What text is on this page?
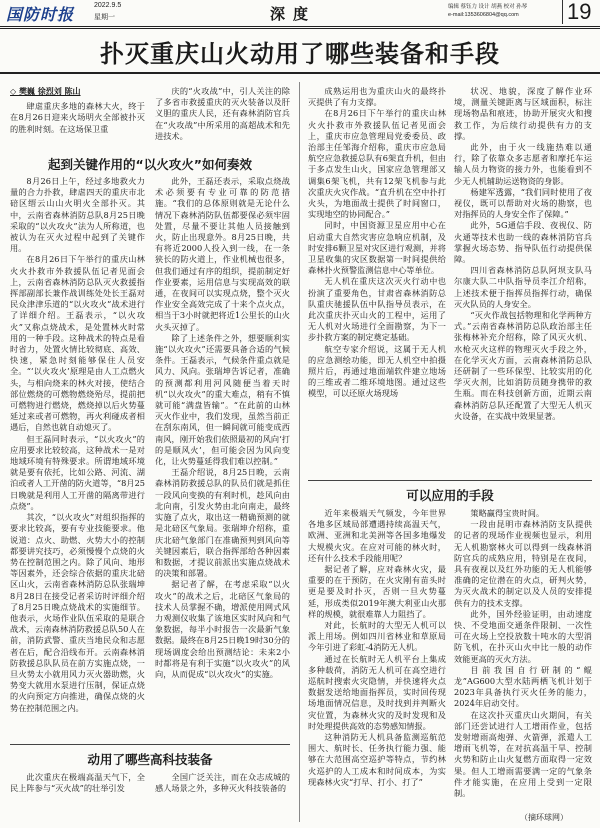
国防时报	2022.9.5
星期一	深度	编辑 蔡钰力 设计 胡燕 校对 孙琴
e-mail:1353606804@qq.com 19
扑灭重庆山火动用了哪些装备和手段

◇ 樊巍 徐烈刘 陈山

肆虐重庆多地的森林大火，终于在8月26日迎来火场明火全部被扑灭的胜利时刻。在这场保卫重

庆的“火攻战”中，引人关注的除了多省市救援重庆的灭火装备以及肝义胆的重庆人民，还有森林消防官兵在“火攻战”中所采用的高超战术和先进技术。

起到关键作用的“以火攻火”如何奏效

8月26日上午，经过多地救火力量的合力扑救，肆虐四天的重庆市北碚区缙云山山火明火全部扑灭。其中，云南省森林消防总队8月25日晚采取的“以火攻火”法为人所称道，也被认为在灭火过程中起到了关键作用。

在8月26日下午举行的重庆山林火火扑救市外救援队伍记者见面会上，云南省森林消防总队灭火救援指挥部副部长兼作战训练处处长王磊对民众津津乐道的“以火攻火”战术进行了详细介绍。王磊表示，“以火攻火”又称点烧战术，是处置林火时常用的一种手段。这种战术的特点是看时省力，处置火情比较彻底、高效、快速，紧急时刻能够保住人员安全。“‘以火攻火’原理是由人工点燃火头，与相向烧来的林火对接，使结合部位燃烧的可燃物燃烧殆尽，提前把可燃物进行燃烧，燃烧掉以后火势蔓延过来或者可燃物，再火利碰成者相遇后，自然也就自动熄灭了。

但王磊同时表示，“以火攻火”的应用要求比较较高，这种战术一是对地域环境有特殊要求。所谓地域环境就是要有依托，比如公路、河流、湖泊或者人工开凿的防火道等，“8月25日晚就是利用人工开凿的隔离带进行点烧”。

其次，“以火攻火”对组织指挥的要求比较高，要有专业技能要求。他说道：点火、助燃、火势大小的控制都要讲究技巧，必须慢慢个点烧的火势在控制范围之内。除了风向、地形等因素外，还会综合依据的重庆北碚区山火，云南省森林消防总队张瑞坤8月28日在接受记者采访时评细介绍了8月25日晚点烧战术的实施细节。他表示，火场作业队伍采取的是联合战术，云南森林消防救援总队50人在前，消防武警、重庆当地民众和志愿者在后，配合沿线布开。云南森林消防救援总队队员在前方实施点烧，一旦火势太小就用风力灭火器助燃，火势变大就用水泵进行压制，保证点烧的火向预定方向推进，确保点烧的火势在控制范围之内。

此外，王磊还表示，采取点烧战术必须要有专业可靠的防范措施。“我们的总体原则就是无论什么情况下森林消防队伍都要保必须牢固处置，尽量不要让其他人员接触到火，防止出现意外。8月25日晚，共有将近2000人投入到一线，在一条狭长的防火道上，作业机械也很多，但我们通过有序的组织，提前制定好作业要素，运用信息与实现高效的联通，在夜间可以实现点烧，整个灭火作业安全高效完成了十来个点火点，相当于3小时就把将近1公里长的山火火头灭掉了。

除了上述条件之外，想要顺利实施“以火攻火”还需要具备合适的气候条件。王磊表示，气候条件重点就是风力、风向。张瑞坤告诉记者，准确的预测都利用河风随便当着天时机“以火攻火”的重大难点，稍有不慎就可能“满盘皆输”。“在此前的山林灭火作业中，我们发现，虽然当前正在刮东南风，但一瞬间就可能变成西南风，刚开始我们依照最初的风向‘打的是顺风火’，但可能会因为风向变化，让火势蔓延得我们难以控制。”

王磊介绍说，8月25日晚，云南森林消防救援总队的队员们就是抓住一段风向变换的有利时机，趁风向由北向南，引发火势由北向南走，最终实施了点火，取出这一精确预测的就是北碚区气象局。张瑞坤介绍称，重庆北碚气象部门在准确预判到风向等关键因素后，联合指挥部给各种因素和数据，才提议前派出实施点烧战术的决策和部署。

据记者了解，在考虑采取“以火攻火”的战术之后，北碚区气象局的技术人员掌握不确，增派使用网式风力观测仪收集了该地区实时风向和气象数据，每半小时报告一次最新气象数据。最终在8月25日晚19时30分的现场调度会给出预测结论：未来2小时都将是有利于实施“以火攻火”的风向，从而促成“以火攻火”的实施。

动用了哪些高科技装备

此次重庆在极端高温天气下，全民上阵参与“灭火战”的壮举引发

全国广泛关注，而在众志成城的感人场景之外，多种灭火科技装备的

成熟运用也为重庆山火的最终扑灭提供了有力支撑。

在8月26日下午举行的重庆山林火火扑救市外救援队伍记者见面会上，重庆市应急管理局党委委员、政治部主任邹海介绍称，重庆市应急局航空应急救援总队有6架直升机，但由于多点发生山火，国家应急管理部又调集6架飞机，共有12架飞机参与此次重庆火灾作战。“直升机在空中扑打火头，为地面战士提供了时间窗口，实现地空的协同配合。”

同时，中国资源卫星应用中心在启动重大自然灾害应急响应机制，及时安排6颗卫星对灾区进行观测，并将卫星收集的灾区数据第一时间提供给森林扑火预警监测信息中心等单位。

无人机在重庆这次灭火行动中也扮演了重要角色，甘肃省森林消防总队重庆驰援队伍中队指导员表示，在此次重庆扑灭山火的工程中，运用了无人机对火场进行全面勘察，为下一步扑救方案的制定奠定基础。

航空专家介绍说，这属于无人机的应急测绘功能，即无人机空中拍摄照片后，再通过地面端软件建立地场的三维或者二维环境地图。通过这些模型，可以还原火场现场

状况、地貌，深度了解作业环境，测量关键距离与区域面积，标注现场物品和痕迹，协助开展灾火和搜救工作，为后续行动提供有力的支撑。

此外，由于火一线施热难以通行，除了依靠众多志愿者和摩托车运输人员力物资的接力外，也能看到不少无人机辅助运送物资的身影。

杨建军透露，“我们同时使用了夜视仪，既可以帮助对火场的勘察，也对指挥员的人身安全作了保障。”

此外，5G通信手段、夜视仪、防火通等技术也助一线的森林消防官兵掌握火场态势、指导队伍行动提供保障。

四川省森林消防总队阿坝支队马尔康大队二中队指导员李江介绍称，上述技术便于指挥员指挥行动，确保灭火队员的人身安全。

“灭火作战包括物理和化学两种方式。”云南省森林消防总队政治部主任张梅林补充介绍称，除了风灭火机、水枪灭火这样的物理灭火手段之外，在化学灭火方面，云南森林消防总队还研制了一些环保型、比较实用的化学灭火剂，比如消防员随身携带的救生瓶。而在科技创新方面，近期云南森林消防总队还配置了大型无人机灭火设备，在实战中效果显著。

可以应用的手段

近年来极端天气频发，今年世界各地多区域局部遭遇持续高温天气，欧洲、亚洲和北美洲等各国多地爆发大规模火灾。在应对可能的林火时，还有什么技术手段能用呢？

据记者了解，应对森林火灾，最重要的在于预防，在火灾刚有苗头时更是要及时扑灭，否则一旦火势蔓延，形成类似2019年澳大利亚山火那样的规模，就很难靠人力阻挡了。

对此，长航时的大型无人机可以派上用场。例如四川省林业和草原局今年引进了彩虹-4消防无人机。

通过在长航时无人机平台上集成多种载荷，消防无人机可在高空进行巡航时搜索火灾隐情，并快速将火点数据发送给地面指挥员，实时回传现场地面情况信息，及时找到并判断火灾位置，为森林火灾的及时发现和及时处理提供高效的态势感知情报。

这种消防无人机具备监测巡航范围大、航时长、任务执行能力强、能够在大范围高空巡护等特点，节约林火巡护的人工成本和时间成本，为实现森林火灾“打早、打小、打了”

策略赢得宝贵时间。

一段由昆明市森林消防支队提供的记者的现场作业视频也显示，利用无人机勘察林火可以得到一线森林消防官兵的成熟应用，特别是在夜间，具有夜视以及红外功能的无人机能够准确的定位潜在的火点，研判火势，为灭火战术的制定以及人员的安排提供有力的技术支撑。

此外，国外经验证明，由动速度快、不受地面交通条件限制、一次性可在火场上空投放数十吨水的大型消防飞机，在扑灭山火中比一般的动作效能更高的灭火方法。

目前我国自行研制的“鲲龙”AG600大型水陆两栖飞机计划于2023年具备执行灭火任务的能力，2024年启动交付。

在这次扑灭重庆山火期间，有关部门还尝试进行人工增雨作业，包括发射增雨高炮弹、火箭弹，派遣人工增雨飞机等，在对抗高温干旱、控制火势和防止山火复燃方面取得一定效果。但人工增雨需要满一定的气象条件才能实施，在应用上受到一定限制。

（摘环球网）
